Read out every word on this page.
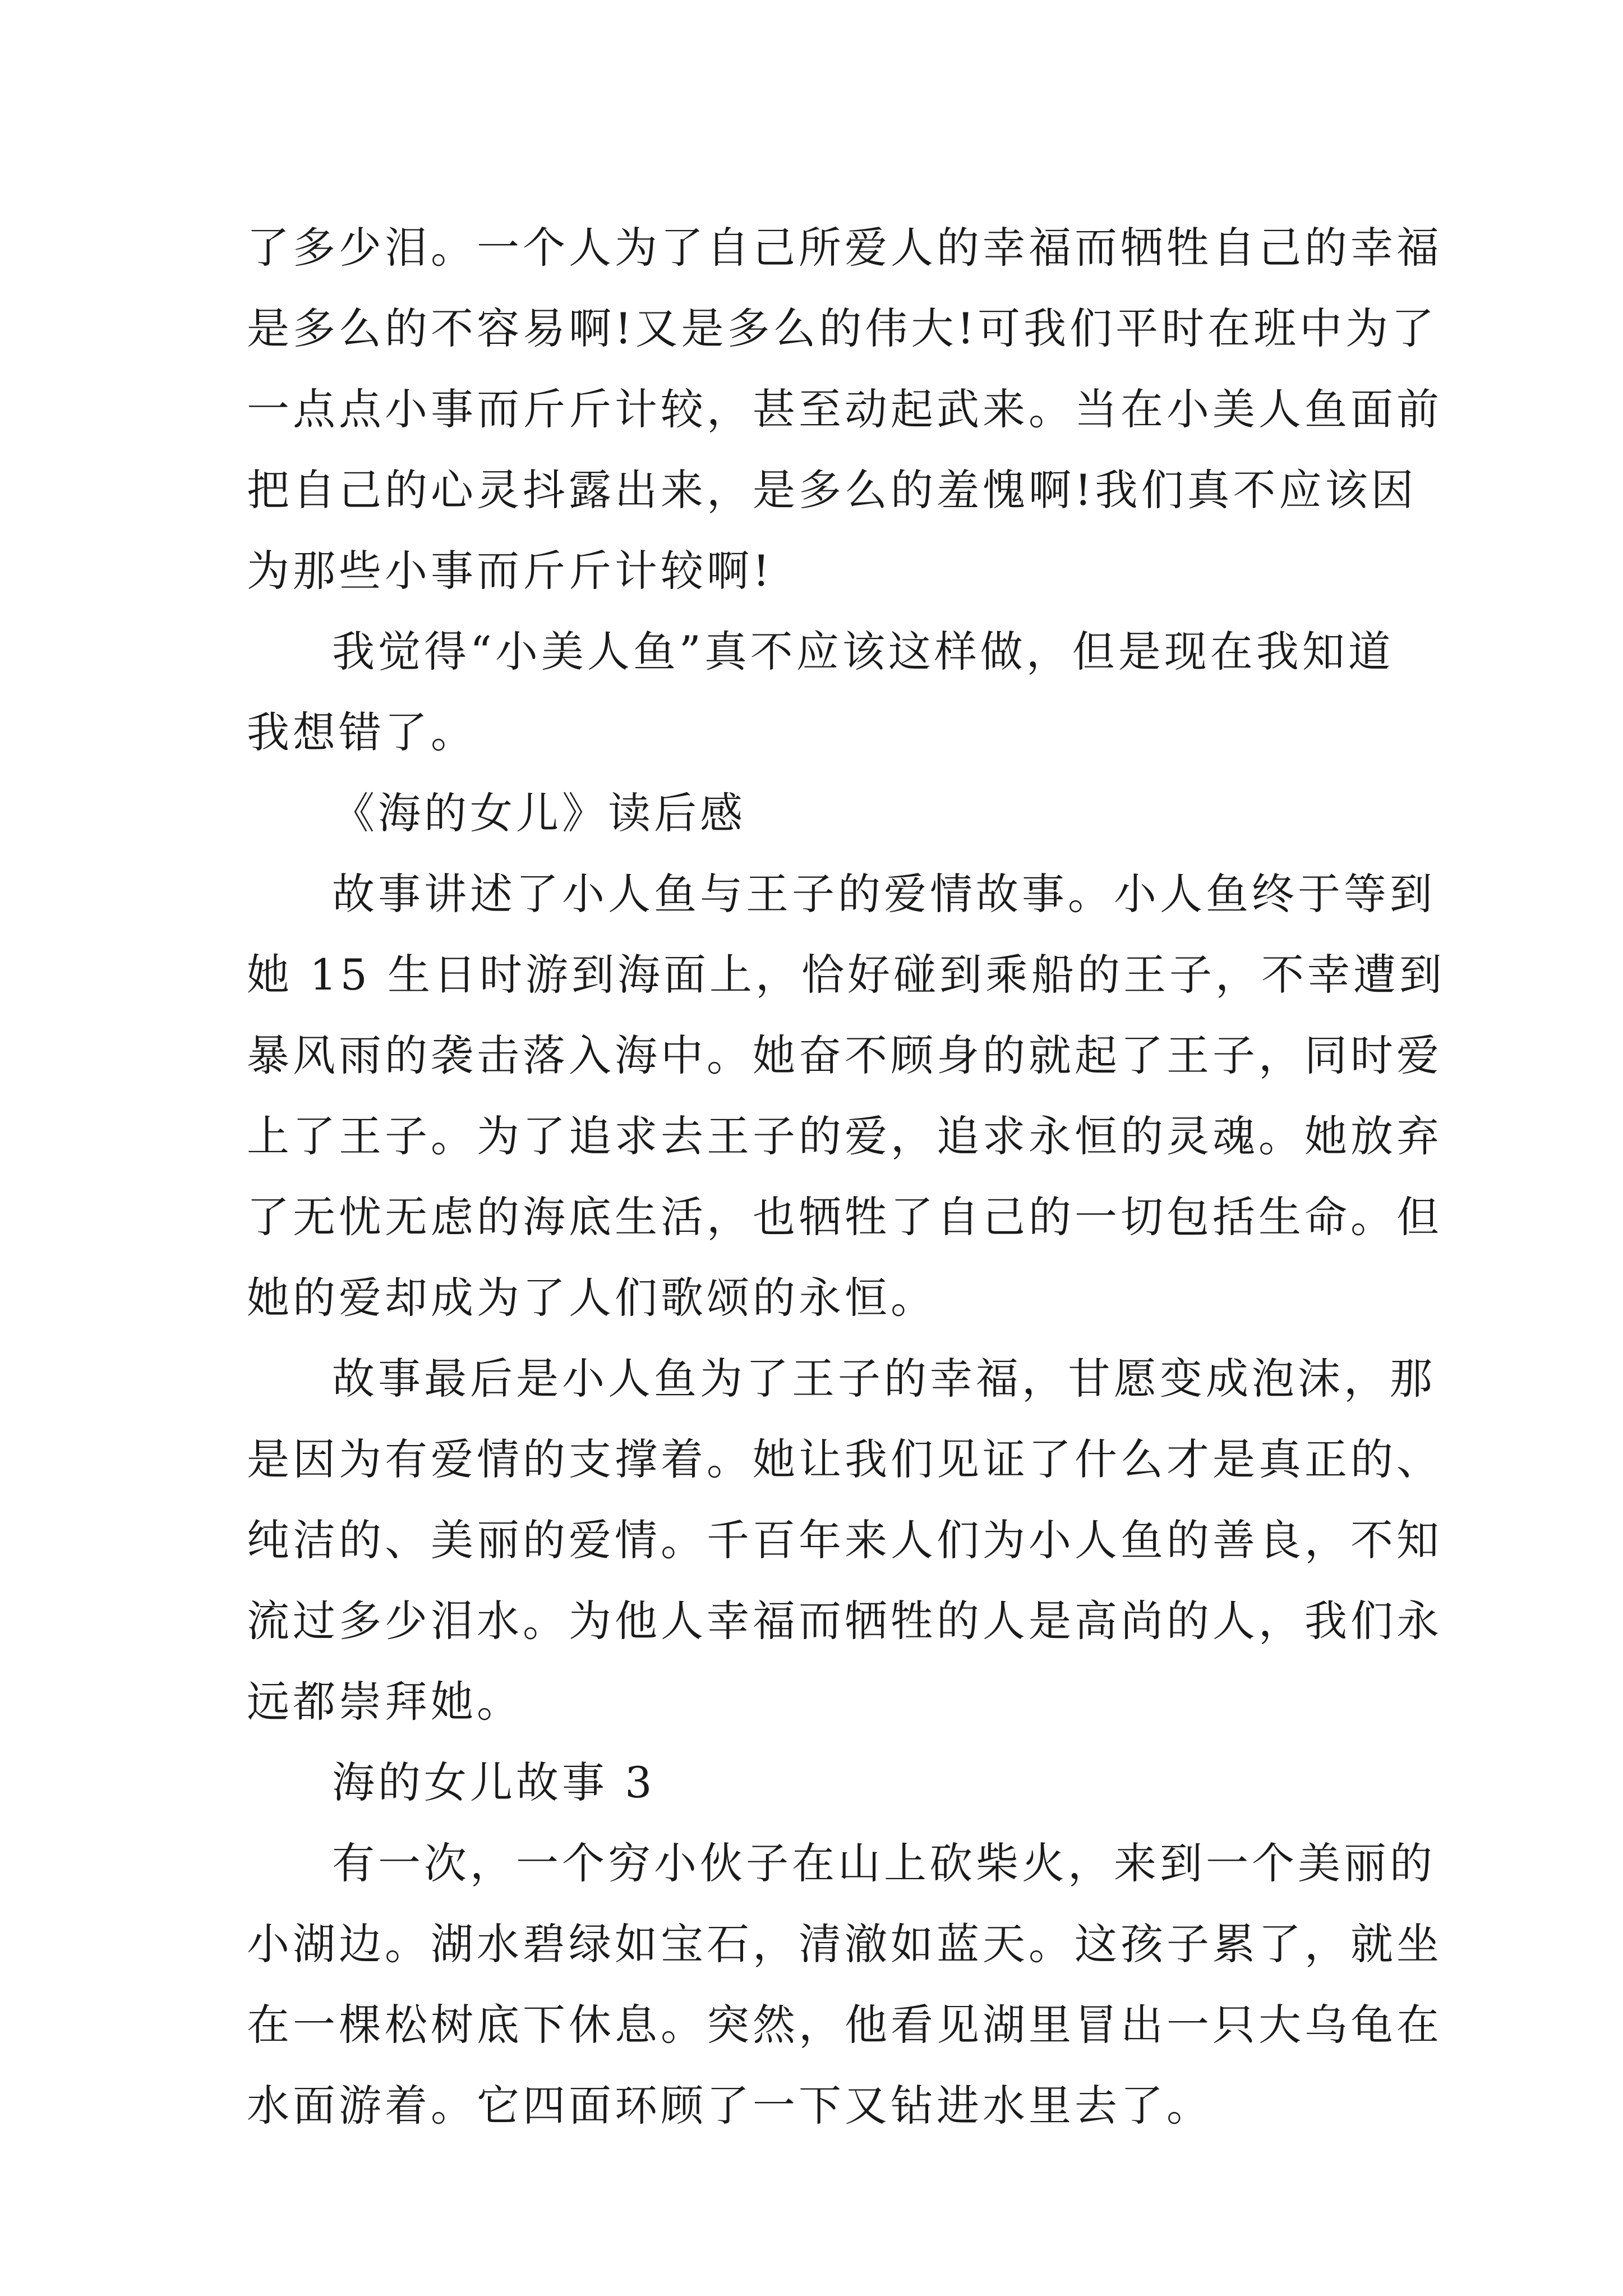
了多少泪。一个人为了自己所爱人的幸福而牺牲自己的幸福
是多么的不容易啊!又是多么的伟大!可我们平时在班中为了
一点点小事而斤斤计较，甚至动起武来。当在小美人鱼面前
把自己的心灵抖露出来，是多么的羞愧啊!我们真不应该因
为那些小事而斤斤计较啊!
我觉得“小美人鱼”真不应该这样做，但是现在我知道
我想错了。
《海的女儿》读后感
故事讲述了小人鱼与王子的爱情故事。小人鱼终于等到
她 15 生日时游到海面上，恰好碰到乘船的王子，不幸遭到
暴风雨的袭击落入海中。她奋不顾身的就起了王子，同时爱
上了王子。为了追求去王子的爱，追求永恒的灵魂。她放弃
了无忧无虑的海底生活，也牺牲了自己的一切包括生命。但
她的爱却成为了人们歌颂的永恒。
故事最后是小人鱼为了王子的幸福，甘愿变成泡沫，那
是因为有爱情的支撑着。她让我们见证了什么才是真正的、
纯洁的、美丽的爱情。千百年来人们为小人鱼的善良，不知
流过多少泪水。为他人幸福而牺牲的人是高尚的人，我们永
远都崇拜她。
海的女儿故事 3
有一次，一个穷小伙子在山上砍柴火，来到一个美丽的
小湖边。湖水碧绿如宝石，清澈如蓝天。这孩子累了，就坐
在一棵松树底下休息。突然，他看见湖里冒出一只大乌龟在
水面游着。它四面环顾了一下又钻进水里去了。
